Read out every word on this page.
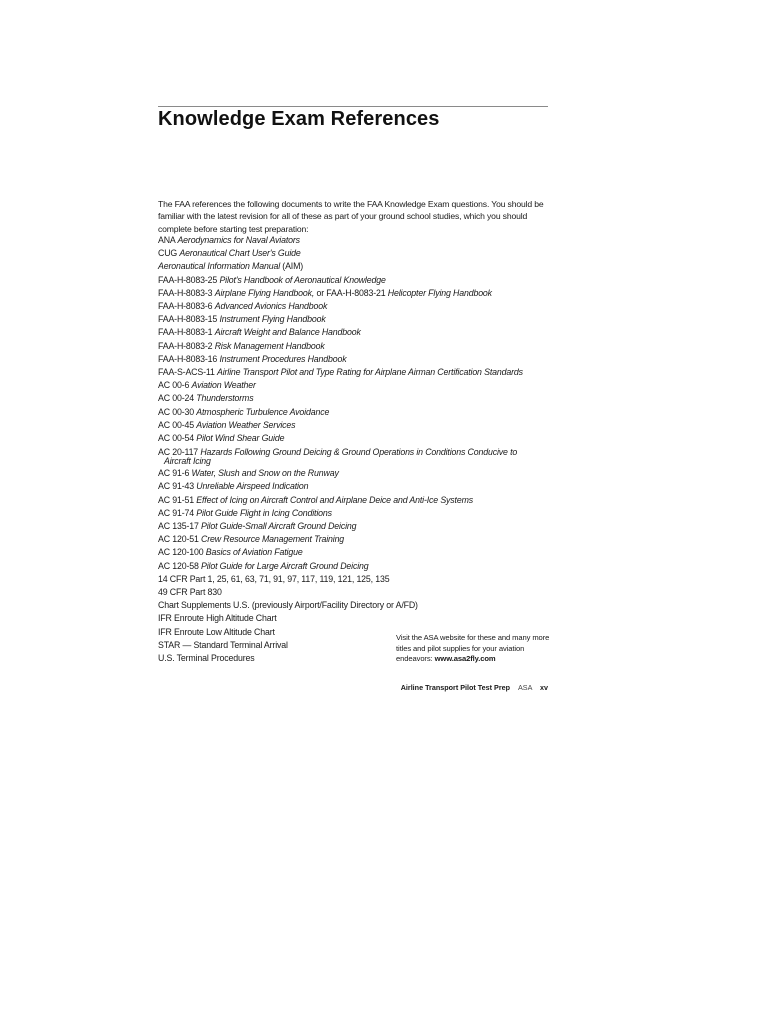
Knowledge Exam References

The FAA references the following documents to write the FAA Knowledge Exam questions. You should be familiar with the latest revision for all of these as part of your ground school studies, which you should complete before starting test preparation:

ANA Aerodynamics for Naval Aviators
CUG Aeronautical Chart User's Guide
Aeronautical Information Manual (AIM)
FAA-H-8083-25 Pilot's Handbook of Aeronautical Knowledge
FAA-H-8083-3 Airplane Flying Handbook, or FAA-H-8083-21 Helicopter Flying Handbook
FAA-H-8083-6 Advanced Avionics Handbook
FAA-H-8083-15 Instrument Flying Handbook
FAA-H-8083-1 Aircraft Weight and Balance Handbook
FAA-H-8083-2 Risk Management Handbook
FAA-H-8083-16 Instrument Procedures Handbook
FAA-S-ACS-11 Airline Transport Pilot and Type Rating for Airplane Airman Certification Standards
AC 00-6 Aviation Weather
AC 00-24 Thunderstorms
AC 00-30 Atmospheric Turbulence Avoidance
AC 00-45 Aviation Weather Services
AC 00-54 Pilot Wind Shear Guide
AC 20-117 Hazards Following Ground Deicing & Ground Operations in Conditions Conducive to
Aircraft Icing
AC 91-6 Water, Slush and Snow on the Runway
AC 91-43 Unreliable Airspeed Indication
AC 91-51 Effect of Icing on Aircraft Control and Airplane Deice and Anti-Ice Systems
AC 91-74 Pilot Guide Flight in Icing Conditions
AC 135-17 Pilot Guide-Small Aircraft Ground Deicing
AC 120-51 Crew Resource Management Training
AC 120-100 Basics of Aviation Fatigue
AC 120-58 Pilot Guide for Large Aircraft Ground Deicing
14 CFR Part 1, 25, 61, 63, 71, 91, 97, 117, 119, 121, 125, 135
49 CFR Part 830
Chart Supplements U.S. (previously Airport/Facility Directory or A/FD)
IFR Enroute High Altitude Chart
IFR Enroute Low Altitude Chart
STAR — Standard Terminal Arrival
U.S. Terminal Procedures

Visit the ASA website for these and many more titles and pilot supplies for your aviation endeavors: www.asa2fly.com

Airline Transport Pilot Test Prep ASA xv
